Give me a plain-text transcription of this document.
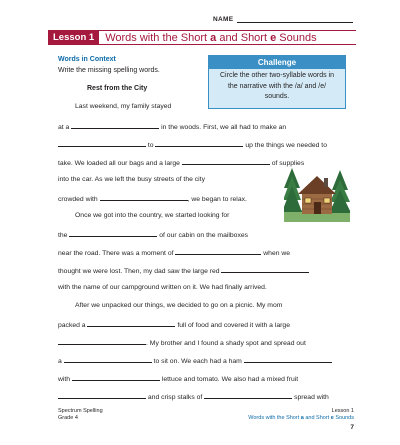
NAME
Lesson 1	Words with the Short a and Short e Sounds
Words in Context
Write the missing spelling words.
Rest from the City
Challenge
Circle the other two-syllable words in the narrative with the /a/ and /e/ sounds.
Last weekend, my family stayed
at a	in the woods. First, we all had to make an
to	up the things we needed to
take. We loaded all our bags and a large	of supplies
into the car. As we left the busy streets of the city
crowded with	, we began to relax.
Once we got into the country, we started looking for
the	of our cabin on the mailboxes
near the road. There was a moment of	when we
thought we were lost. Then, my dad saw the large red
with the name of our campground written on it. We had finally arrived.
After we unpacked our things, we decided to go on a picnic. My mom
packed a	full of food and covered it with a large
. My brother and I found a shady spot and spread out
a	to sit on. We each had a ham
with	lettuce and tomato. We also had a mixed fruit
and crisp stalks of	spread with
Spectrum Spelling
Grade 4
Lesson 1
Words with the Short a and Short e Sounds
7
